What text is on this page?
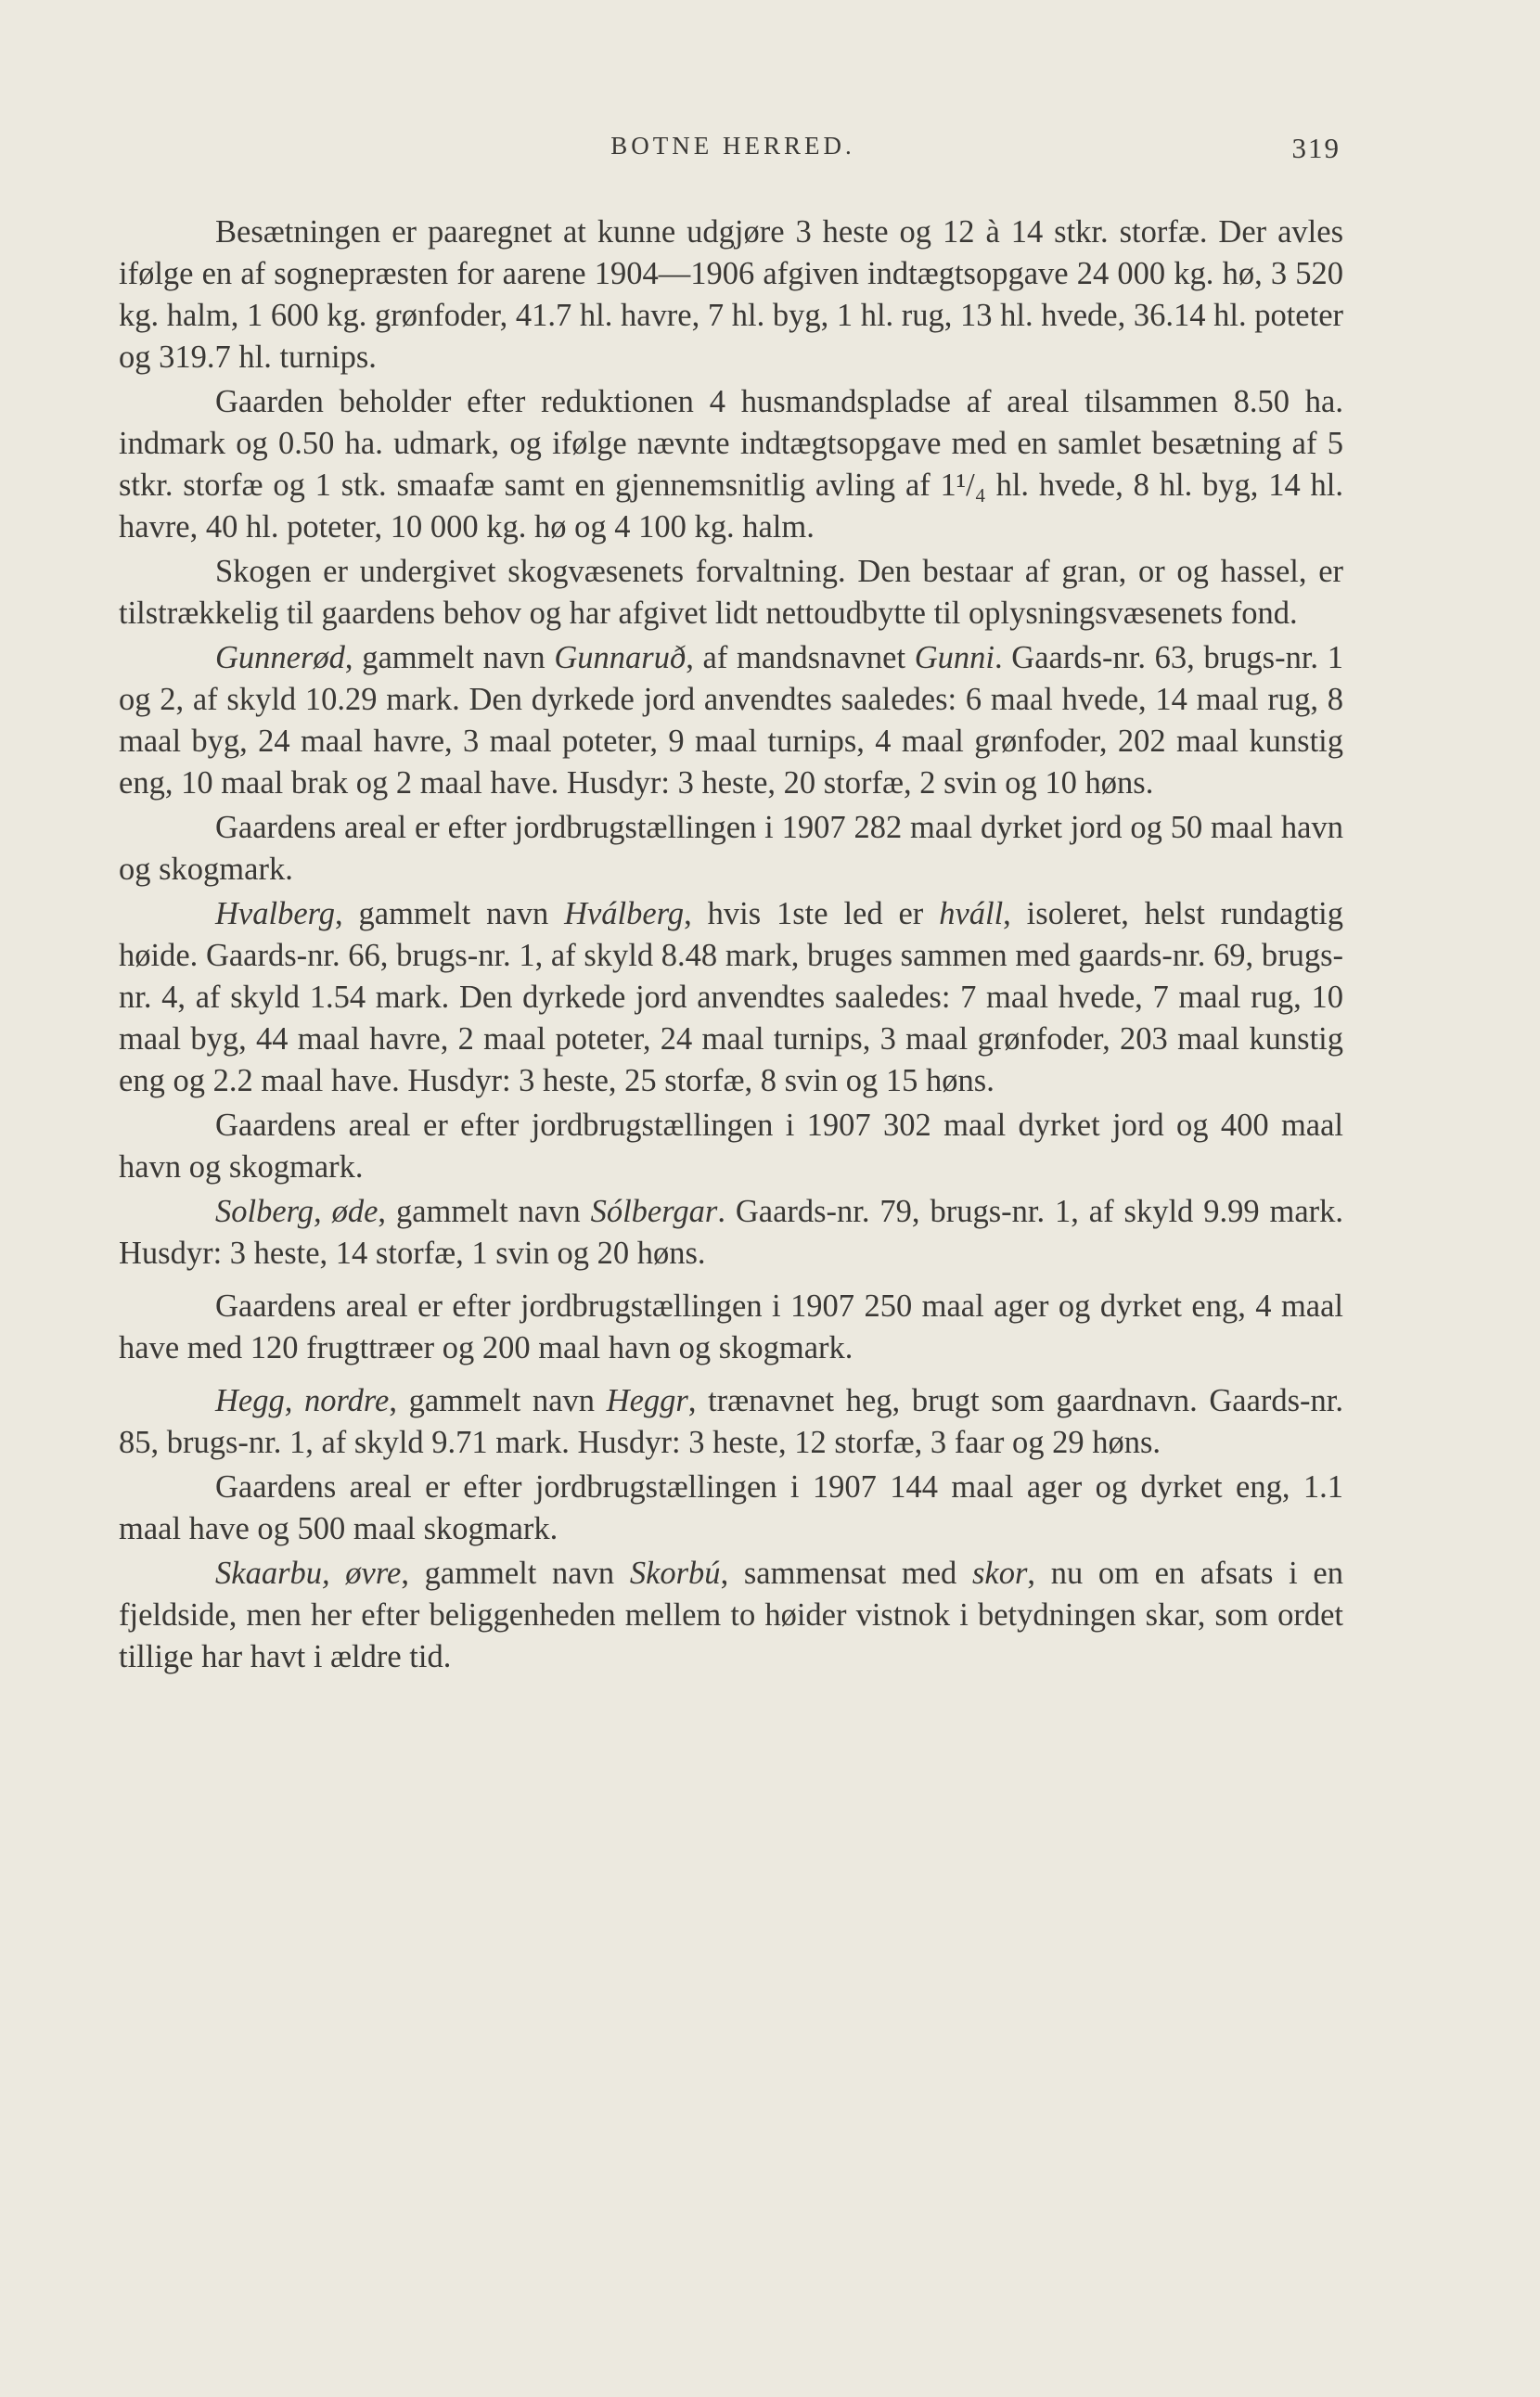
BOTNE HERRED.	319

Besætningen er paaregnet at kunne udgjøre 3 heste og 12 à 14 stkr. storfæ. Der avles ifølge en af sognepræsten for aarene 1904—1906 afgiven indtægtsopgave 24 000 kg. hø, 3 520 kg. halm, 1 600 kg. grønfoder, 41.7 hl. havre, 7 hl. byg, 1 hl. rug, 13 hl. hvede, 36.14 hl. poteter og 319.7 hl. turnips.

Gaarden beholder efter reduktionen 4 husmandspladse af areal tilsammen 8.50 ha. indmark og 0.50 ha. udmark, og ifølge nævnte indtægtsopgave med en samlet besætning af 5 stkr. storfæ og 1 stk. smaafæ samt en gjennemsnitlig avling af 1¹/₄ hl. hvede, 8 hl. byg, 14 hl. havre, 40 hl. poteter, 10 000 kg. hø og 4 100 kg. halm.

Skogen er undergivet skogvæsenets forvaltning. Den bestaar af gran, or og hassel, er tilstrækkelig til gaardens behov og har afgivet lidt nettoudbytte til oplysningsvæsenets fond.

Gunnerød, gammelt navn Gunnaruð, af mandsnavnet Gunni. Gaards-nr. 63, brugs-nr. 1 og 2, af skyld 10.29 mark. Den dyrkede jord anvendtes saaledes: 6 maal hvede, 14 maal rug, 8 maal byg, 24 maal havre, 3 maal poteter, 9 maal turnips, 4 maal grønfoder, 202 maal kunstig eng, 10 maal brak og 2 maal have. Husdyr: 3 heste, 20 storfæ, 2 svin og 10 høns.

Gaardens areal er efter jordbrugstællingen i 1907 282 maal dyrket jord og 50 maal havn og skogmark.

Hvalberg, gammelt navn Hválberg, hvis 1ste led er hváll, isoleret, helst rundagtig høide. Gaards-nr. 66, brugs-nr. 1, af skyld 8.48 mark, bruges sammen med gaards-nr. 69, brugs-nr. 4, af skyld 1.54 mark. Den dyrkede jord anvendtes saaledes: 7 maal hvede, 7 maal rug, 10 maal byg, 44 maal havre, 2 maal poteter, 24 maal turnips, 3 maal grønfoder, 203 maal kunstig eng og 2.2 maal have. Husdyr: 3 heste, 25 storfæ, 8 svin og 15 høns.

Gaardens areal er efter jordbrugstællingen i 1907 302 maal dyrket jord og 400 maal havn og skogmark.

Solberg, øde, gammelt navn Sólbergar. Gaards-nr. 79, brugs-nr. 1, af skyld 9.99 mark. Husdyr: 3 heste, 14 storfæ, 1 svin og 20 høns.

Gaardens areal er efter jordbrugstællingen i 1907 250 maal ager og dyrket eng, 4 maal have med 120 frugttræer og 200 maal havn og skogmark.

Hegg, nordre, gammelt navn Heggr, trænavnet heg, brugt som gaardnavn. Gaards-nr. 85, brugs-nr. 1, af skyld 9.71 mark. Husdyr: 3 heste, 12 storfæ, 3 faar og 29 høns.

Gaardens areal er efter jordbrugstællingen i 1907 144 maal ager og dyrket eng, 1.1 maal have og 500 maal skogmark.

Skaarbu, øvre, gammelt navn Skorbú, sammensat med skor, nu om en afsats i en fjeldside, men her efter beliggenheden mellem to høider vistnok i betydningen skar, som ordet tillige har havt i ældre tid.
